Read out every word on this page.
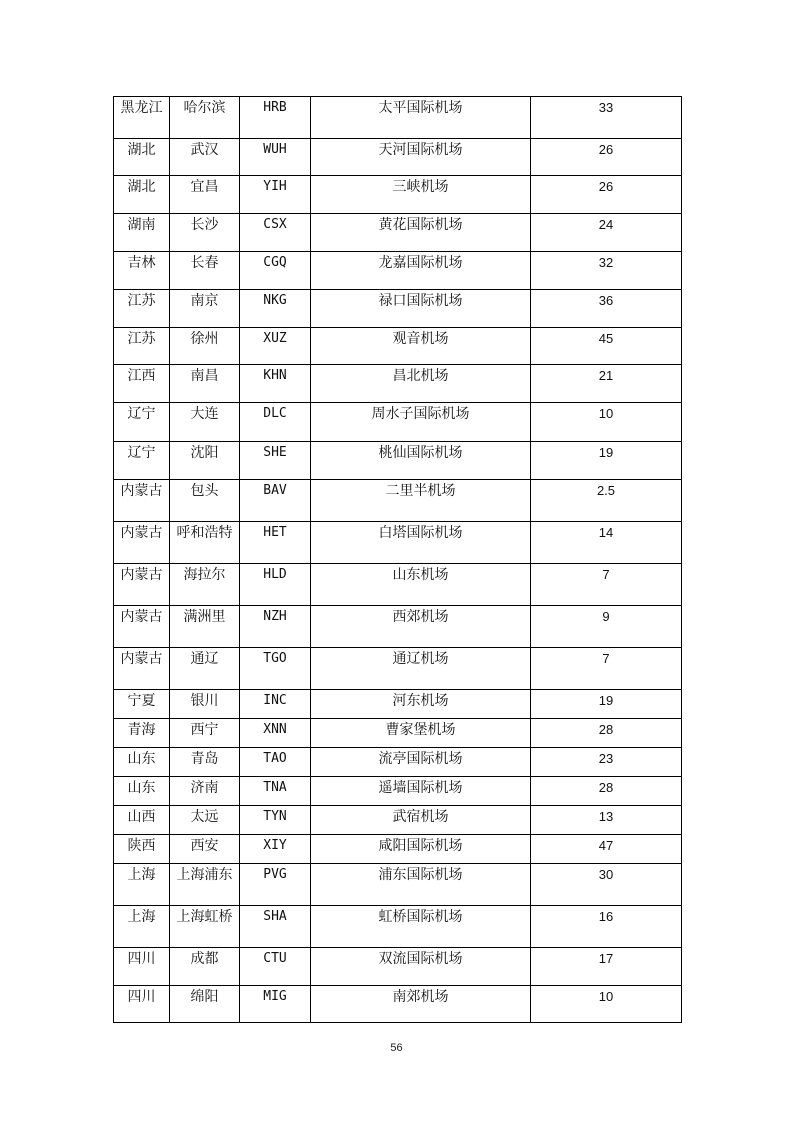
黑龙江	哈尔滨	HRB	太平国际机场	33
湖北	武汉	WUH	天河国际机场	26
湖北	宜昌	YIH	三峡机场	26
湖南	长沙	CSX	黄花国际机场	24
吉林	长春	CGQ	龙嘉国际机场	32
江苏	南京	NKG	禄口国际机场	36
江苏	徐州	XUZ	观音机场	45
江西	南昌	KHN	昌北机场	21
辽宁	大连	DLC	周水子国际机场	10
辽宁	沈阳	SHE	桃仙国际机场	19
内蒙古	包头	BAV	二里半机场	2.5
内蒙古	呼和浩特	HET	白塔国际机场	14
内蒙古	海拉尔	HLD	山东机场	7
内蒙古	满洲里	NZH	西郊机场	9
内蒙古	通辽	TGO	通辽机场	7
宁夏	银川	INC	河东机场	19
青海	西宁	XNN	曹家堡机场	28
山东	青岛	TAO	流亭国际机场	23
山东	济南	TNA	遥墙国际机场	28
山西	太远	TYN	武宿机场	13
陕西	西安	XIY	咸阳国际机场	47
上海	上海浦东	PVG	浦东国际机场	30
上海	上海虹桥	SHA	虹桥国际机场	16
四川	成都	CTU	双流国际机场	17
四川	绵阳	MIG	南郊机场	10
56
